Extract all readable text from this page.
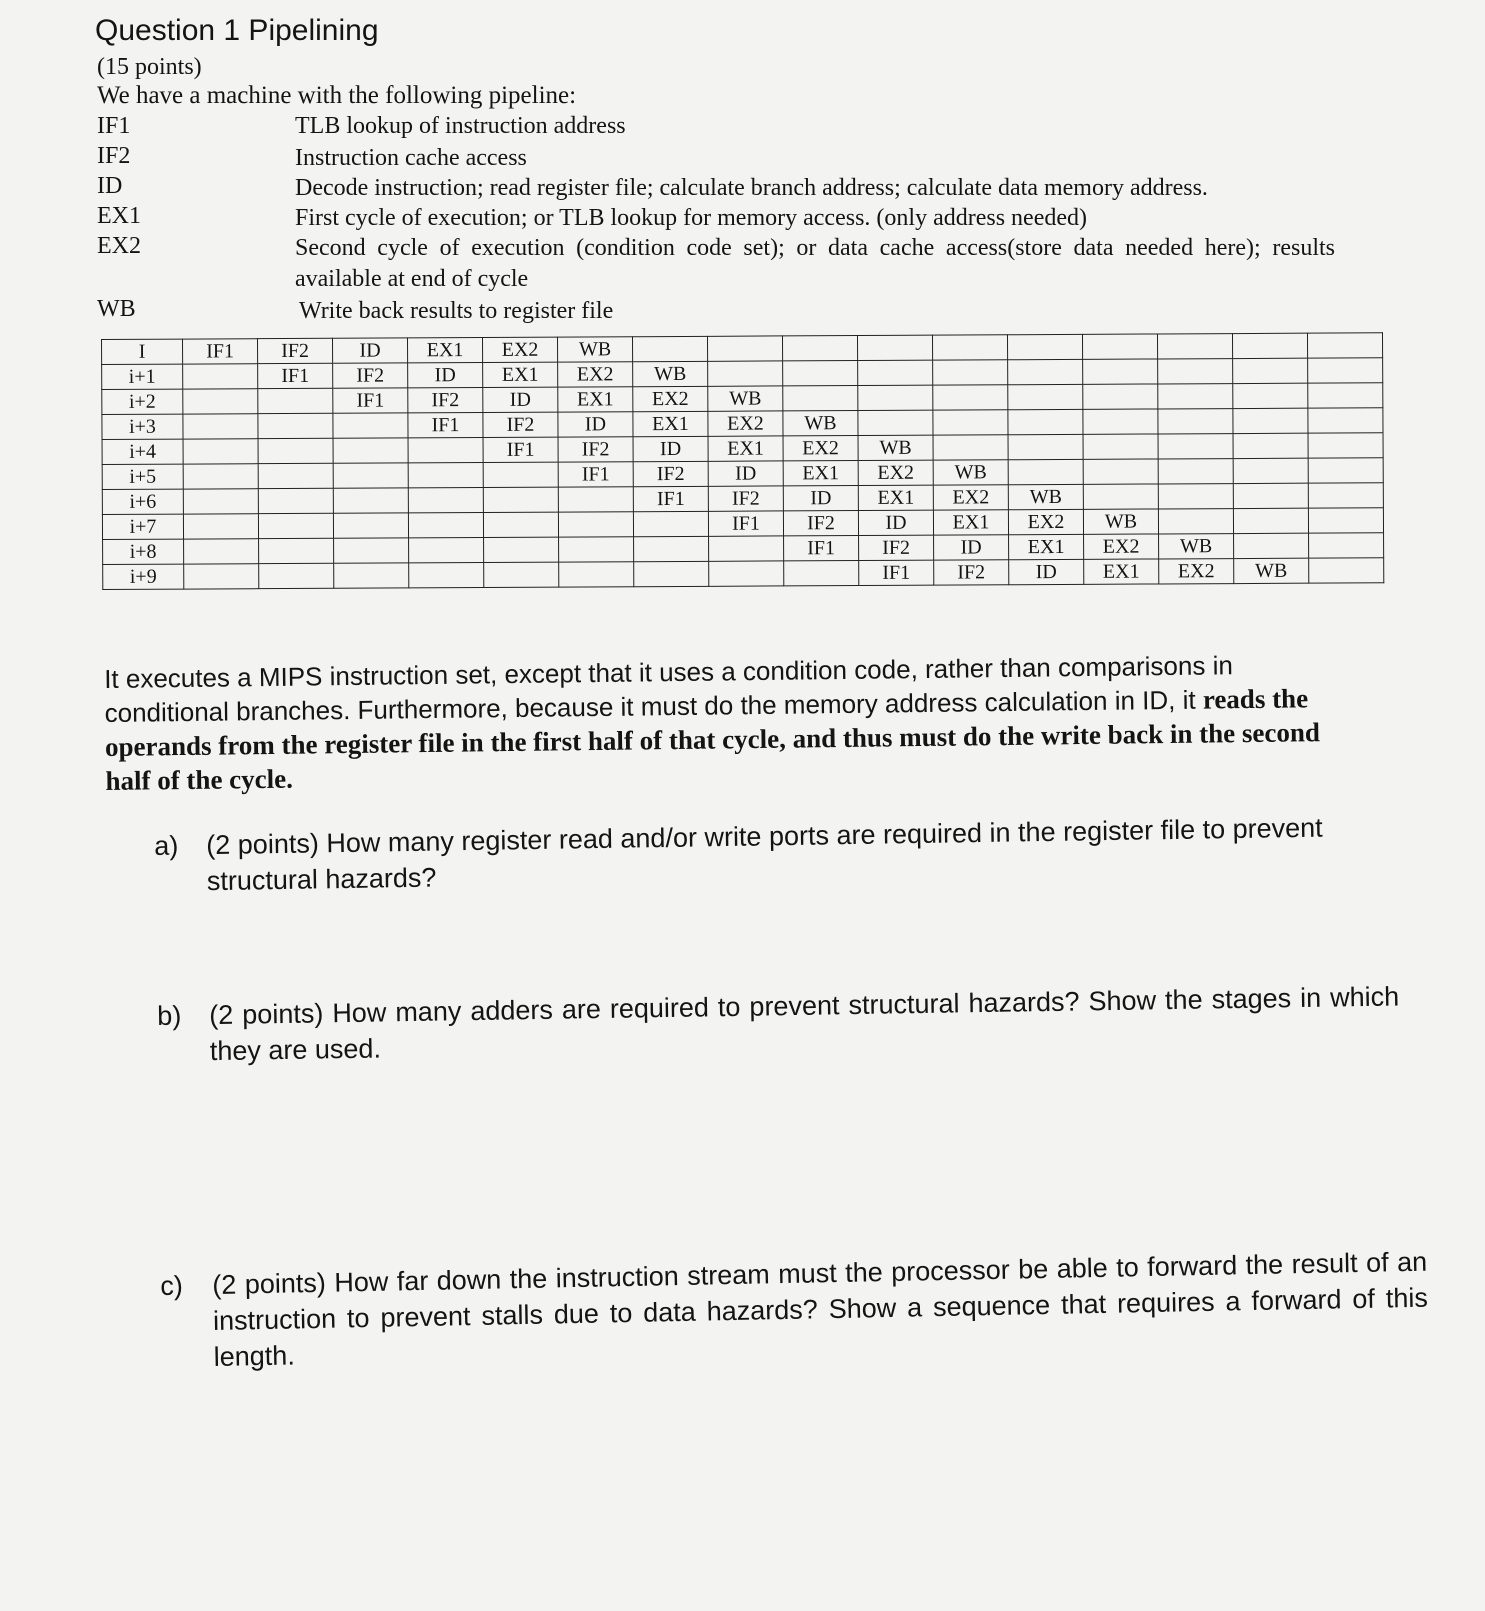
Question 1 Pipelining
(15 points)
We have a machine with the following pipeline:
IF1	TLB lookup of instruction address
IF2	Instruction cache access
ID	Decode instruction; read register file; calculate branch address; calculate data memory address.
EX1	First cycle of execution; or TLB lookup for memory access. (only address needed)
EX2	Second cycle of execution (condition code set); or data cache access(store data needed here); results available at end of cycle
WB	Write back results to register file
I	IF1	IF2	ID	EX1	EX2	WB										
i+1		IF1	IF2	ID	EX1	EX2	WB									
i+2			IF1	IF2	ID	EX1	EX2	WB								
i+3				IF1	IF2	ID	EX1	EX2	WB							
i+4					IF1	IF2	ID	EX1	EX2	WB						
i+5						IF1	IF2	ID	EX1	EX2	WB					
i+6							IF1	IF2	ID	EX1	EX2	WB				
i+7								IF1	IF2	ID	EX1	EX2	WB			
i+8									IF1	IF2	ID	EX1	EX2	WB		
i+9										IF1	IF2	ID	EX1	EX2	WB	
It executes a MIPS instruction set, except that it uses a condition code, rather than comparisons in conditional branches. Furthermore, because it must do the memory address calculation in ID, it reads the operands from the register file in the first half of that cycle, and thus must do the write back in the second half of the cycle.
a)	(2 points) How many register read and/or write ports are required in the register file to prevent structural hazards?
b)	(2 points) How many adders are required to prevent structural hazards? Show the stages in which they are used.
c)	(2 points) How far down the instruction stream must the processor be able to forward the result of an instruction to prevent stalls due to data hazards? Show a sequence that requires a forward of this length.
